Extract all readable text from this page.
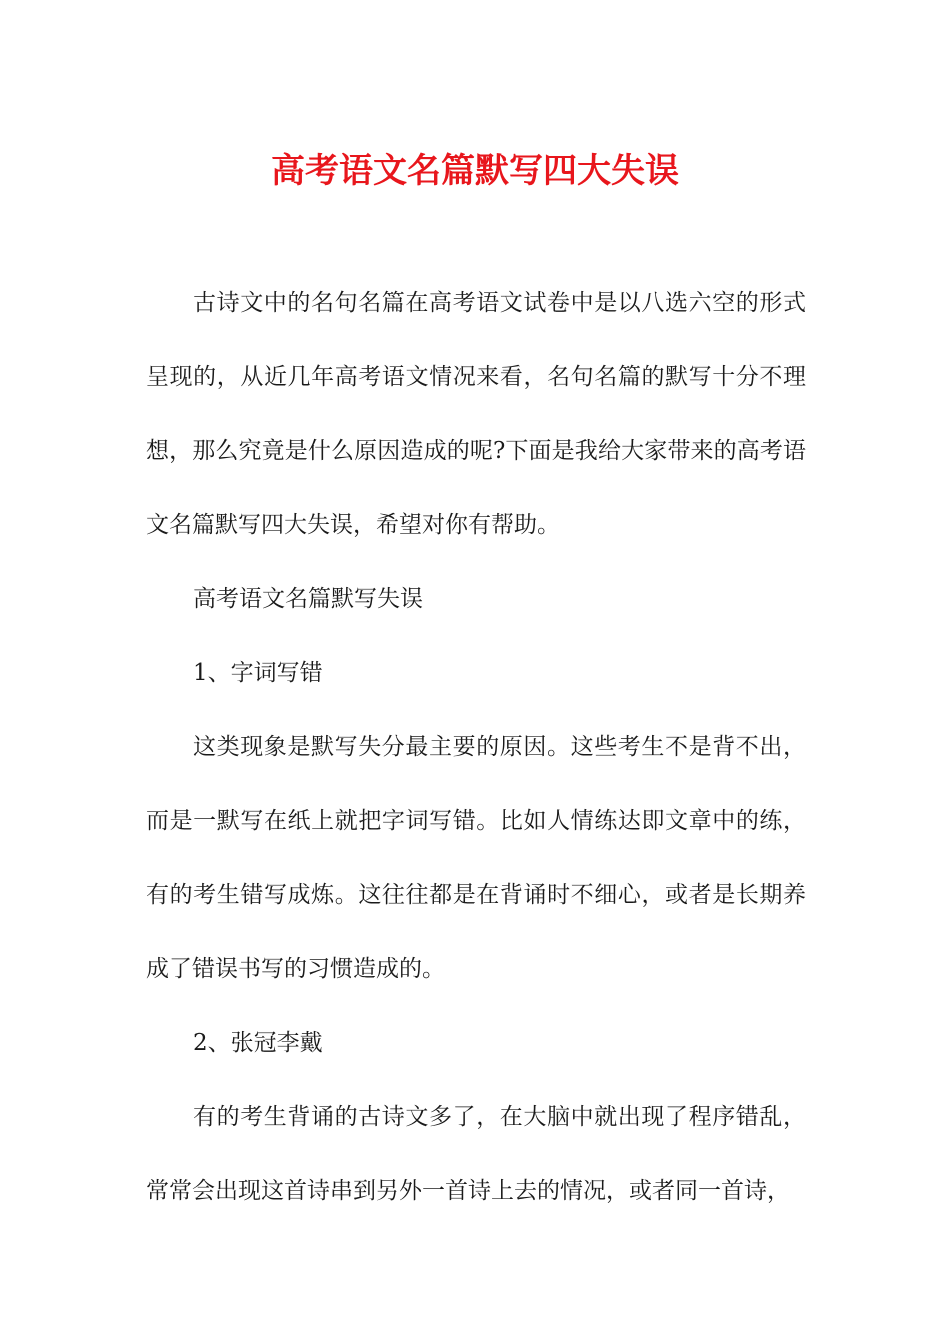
高考语文名篇默写四大失误

古诗文中的名句名篇在高考语文试卷中是以八选六空的形式呈现的，从近几年高考语文情况来看，名句名篇的默写十分不理想，那么究竟是什么原因造成的呢?下面是我给大家带来的高考语文名篇默写四大失误，希望对你有帮助。

高考语文名篇默写失误

1、字词写错

这类现象是默写失分最主要的原因。这些考生不是背不出，而是一默写在纸上就把字词写错。比如人情练达即文章中的练，有的考生错写成炼。这往往都是在背诵时不细心，或者是长期养成了错误书写的习惯造成的。

2、张冠李戴

有的考生背诵的古诗文多了，在大脑中就出现了程序错乱，常常会出现这首诗串到另外一首诗上去的情况，或者同一首诗，
